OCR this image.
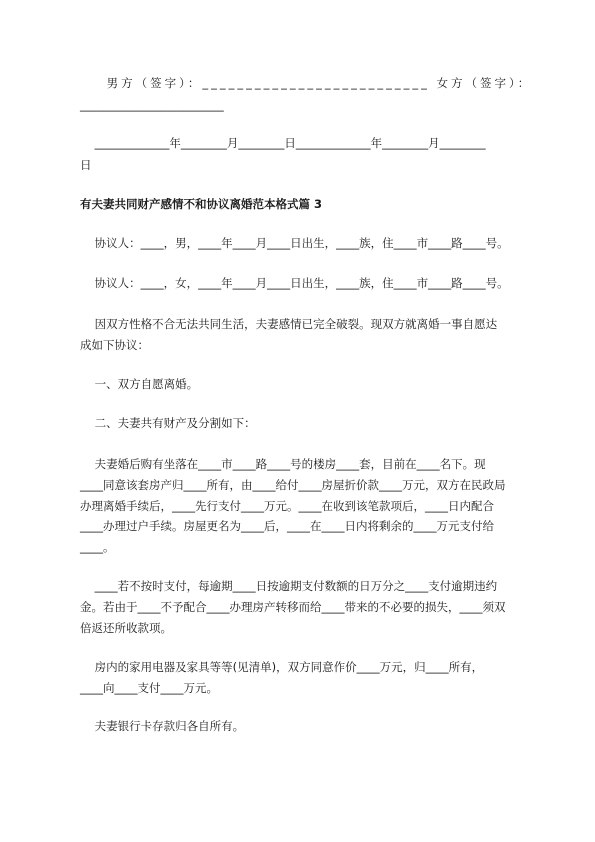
男方（签字）：__________________________ 女方（签字）：
_________________________
_____________年________月________日_____________年________月________
日
有夫妻共同财产感情不和协议离婚范本格式篇 3
协议人：____，男，____年____月____日出生，____族，住____市____路____号。
协议人：____，女，____年____月____日出生，____族，住____市____路____号。
因双方性格不合无法共同生活，夫妻感情已完全破裂。现双方就离婚一事自愿达
成如下协议：
一、双方自愿离婚。
二、夫妻共有财产及分割如下：
夫妻婚后购有坐落在____市____路____号的楼房____套，目前在____名下。现
____同意该套房产归____所有，由____给付____房屋折价款____万元，双方在民政局
办理离婚手续后，____先行支付____万元。____在收到该笔款项后，____日内配合
____办理过户手续。房屋更名为____后，____在____日内将剩余的____万元支付给
____。
____若不按时支付，每逾期____日按逾期支付数额的日万分之____支付逾期违约
金。若由于____不予配合____办理房产转移而给____带来的不必要的损失，____须双
倍返还所收款项。
房内的家用电器及家具等等(见清单)，双方同意作价____万元，归____所有，
____向____支付____万元。
夫妻银行卡存款归各自所有。
